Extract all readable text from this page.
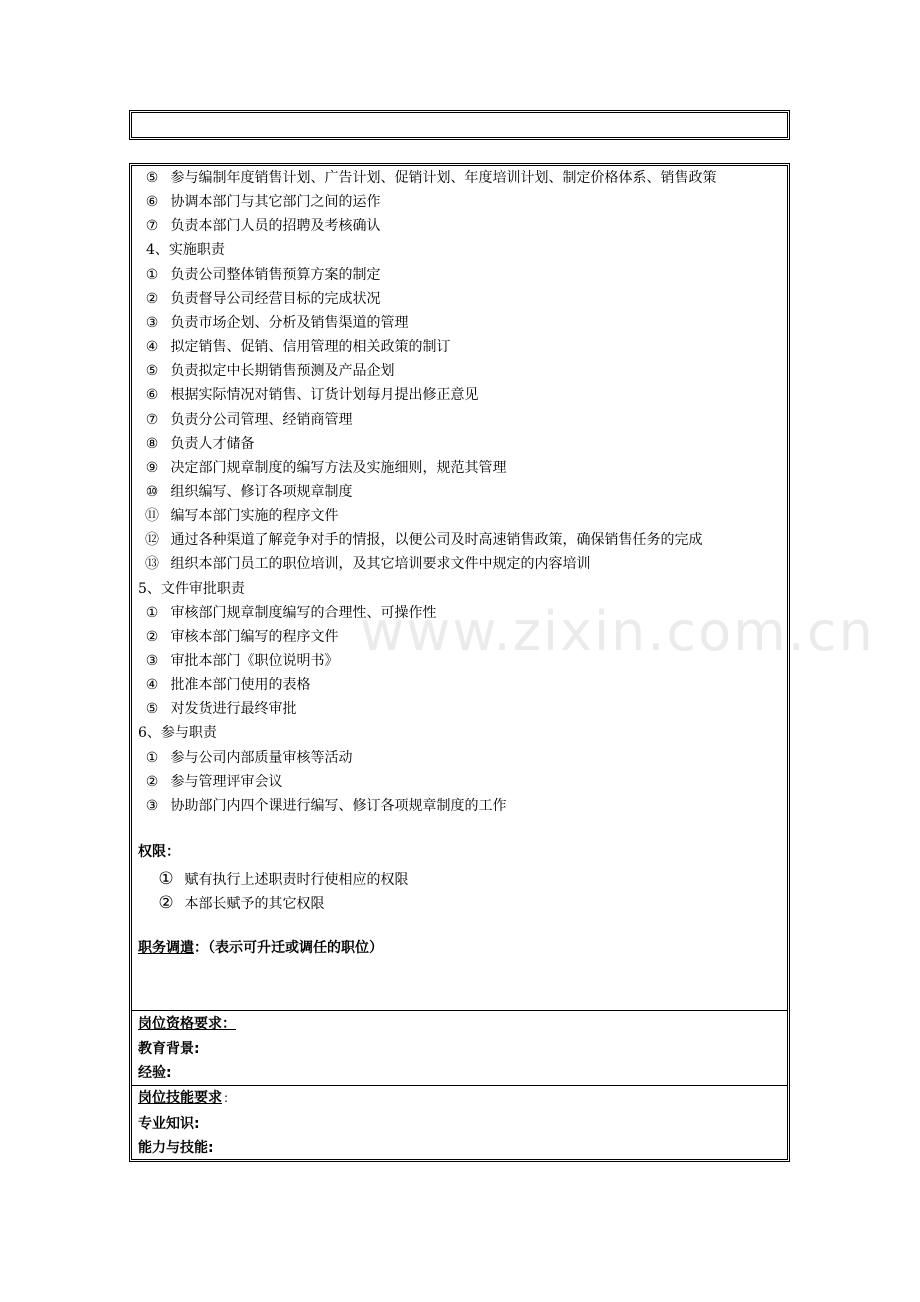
www.zixin.com.cn
⑤ 参与编制年度销售计划、广告计划、促销计划、年度培训计划、制定价格体系、销售政策
⑥ 协调本部门与其它部门之间的运作
⑦ 负责本部门人员的招聘及考核确认
4、实施职责
① 负责公司整体销售预算方案的制定
② 负责督导公司经营目标的完成状况
③ 负责市场企划、分析及销售渠道的管理
④ 拟定销售、促销、信用管理的相关政策的制订
⑤ 负责拟定中长期销售预测及产品企划
⑥ 根据实际情况对销售、订货计划每月提出修正意见
⑦ 负责分公司管理、经销商管理
⑧ 负责人才储备
⑨ 决定部门规章制度的编写方法及实施细则，规范其管理
⑩ 组织编写、修订各项规章制度
⑪ 编写本部门实施的程序文件
⑫ 通过各种渠道了解竞争对手的情报，以便公司及时高速销售政策，确保销售任务的完成
⑬ 组织本部门员工的职位培训，及其它培训要求文件中规定的内容培训
5、文件审批职责
① 审核部门规章制度编写的合理性、可操作性
② 审核本部门编写的程序文件
③ 审批本部门《职位说明书》
④ 批准本部门使用的表格
⑤ 对发货进行最终审批
6、参与职责
① 参与公司内部质量审核等活动
② 参与管理评审会议
③ 协助部门内四个课进行编写、修订各项规章制度的工作
权限：
① 赋有执行上述职责时行使相应的权限
② 本部长赋予的其它权限
职务调遣：（表示可升迁或调任的职位）
岗位资格要求：
教育背景:
经验:
岗位技能要求 :
专业知识:
能力与技能:
